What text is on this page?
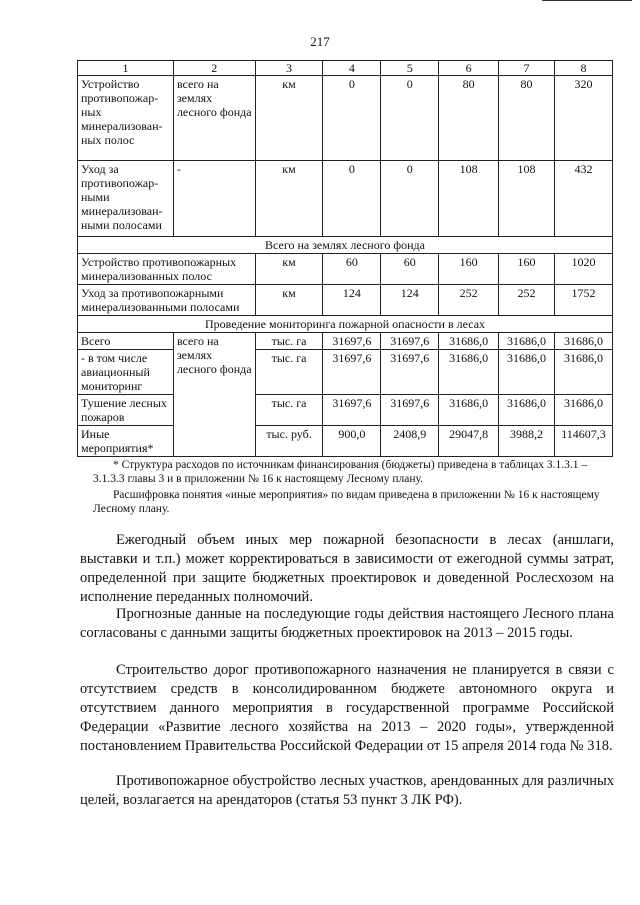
217
1	2	3	4	5	6	7	8
Устройство противопожар-ных минерализован-ных полос	всего на землях лесного фонда	км	0	0	80	80	320
Уход за противопожар-ными минерализован-ными полосами	-	км	0	0	108	108	432
Всего на землях лесного фонда							
Устройство противопожарных минерализованных полос		км	60	60	160	160	1020
Уход за противопожарными минерализованными полосами		км	124	124	252	252	1752
Проведение мониторинга пожарной опасности в лесах							
Всего	всего на землях лесного фонда	тыс. га	31697,6	31697,6	31686,0	31686,0	31686,0
- в том числе авиационный мониторинг		тыс. га	31697,6	31697,6	31686,0	31686,0	31686,0
Тушение лесных пожаров		тыс. га	31697,6	31697,6	31686,0	31686,0	31686,0
Иные мероприятия*		тыс. руб.	900,0	2408,9	29047,8	3988,2	114607,3
* Структура расходов по источникам финансирования (бюджеты) приведена в таблицах 3.1.3.1 – 3.1.3.3 главы 3 и в приложении № 16 к настоящему Лесному плану.
Расшифровка понятия «иные мероприятия» по видам приведена в приложении № 16 к настоящему Лесному плану.

Ежегодный объем иных мер пожарной безопасности в лесах (аншлаги, выставки и т.п.) может корректироваться в зависимости от ежегодной суммы затрат, определенной при защите бюджетных проектировок и доведенной Рослесхозом на исполнение переданных полномочий.

Прогнозные данные на последующие годы действия настоящего Лесного плана согласованы с данными защиты бюджетных проектировок на 2013 – 2015 годы.

Строительство дорог противопожарного назначения не планируется в связи с отсутствием средств в консолидированном бюджете автономного округа и отсутствием данного мероприятия в государственной программе Российской Федерации «Развитие лесного хозяйства на 2013 – 2020 годы», утвержденной постановлением Правительства Российской Федерации от 15 апреля 2014 года № 318.

Противопожарное обустройство лесных участков, арендованных для различных целей, возлагается на арендаторов (статья 53 пункт 3 ЛК РФ).
